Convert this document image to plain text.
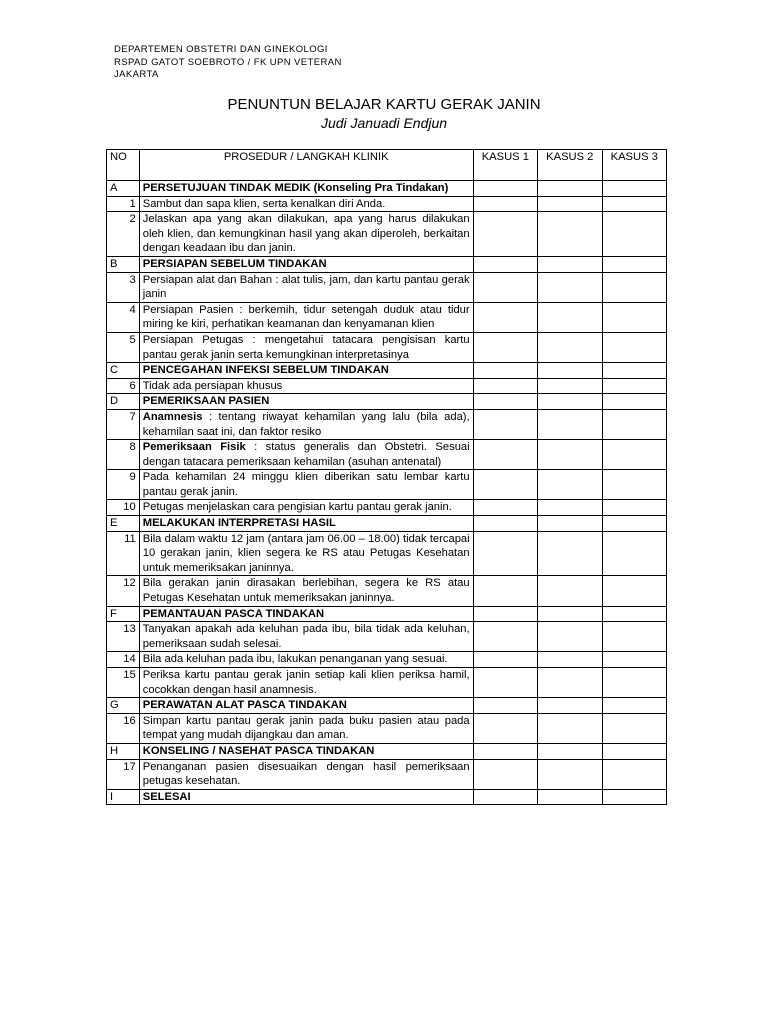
DEPARTEMEN OBSTETRI DAN GINEKOLOGI
RSPAD GATOT SOEBROTO / FK UPN VETERAN
JAKARTA
PENUNTUN BELAJAR KARTU GERAK JANIN
Judi Januadi Endjun
NO	PROSEDUR / LANGKAH KLINIK	KASUS 1	KASUS 2	KASUS 3
A	PERSETUJUAN TINDAK MEDIK (Konseling Pra Tindakan)			
1	Sambut dan sapa klien, serta kenalkan diri Anda.			
2	Jelaskan apa yang akan dilakukan, apa yang harus dilakukan oleh klien, dan kemungkinan hasil yang akan diperoleh, berkaitan dengan keadaan ibu dan janin.			
B	PERSIAPAN SEBELUM TINDAKAN			
3	Persiapan alat dan Bahan : alat tulis, jam, dan kartu pantau gerak janin			
4	Persiapan Pasien : berkemih, tidur setengah duduk atau tidur miring ke kiri, perhatikan keamanan dan kenyamanan klien			
5	Persiapan Petugas : mengetahui tatacara pengisisan kartu pantau gerak janin serta kemungkinan interpretasinya			
C	PENCEGAHAN INFEKSI SEBELUM TINDAKAN			
6	Tidak ada persiapan khusus			
D	PEMERIKSAAN PASIEN			
7	Anamnesis : tentang riwayat kehamilan yang lalu (bila ada), kehamilan saat ini, dan faktor resiko			
8	Pemeriksaan Fisik : status generalis dan Obstetri. Sesuai dengan tatacara pemeriksaan kehamilan (asuhan antenatal)			
9	Pada kehamilan 24 minggu klien diberikan satu lembar kartu pantau gerak janin.			
10	Petugas menjelaskan cara pengisian kartu pantau gerak janin.			
E	MELAKUKAN INTERPRETASI HASIL			
11	Bila dalam waktu 12 jam (antara jam 06.00 – 18.00) tidak tercapai 10 gerakan janin, klien segera ke RS atau Petugas Kesehatan untuk memeriksakan janinnya.			
12	Bila gerakan janin dirasakan berlebihan, segera ke RS atau Petugas Kesehatan untuk memeriksakan janinnya.			
F	PEMANTAUAN PASCA TINDAKAN			
13	Tanyakan apakah ada keluhan pada ibu, bila tidak ada keluhan, pemeriksaan sudah selesai.			
14	Bila ada keluhan pada ibu, lakukan penanganan yang sesuai.			
15	Periksa kartu pantau gerak janin setiap kali klien periksa hamil, cocokkan dengan hasil anamnesis.			
G	PERAWATAN ALAT PASCA TINDAKAN			
16	Simpan kartu pantau gerak janin pada buku pasien atau pada tempat yang mudah dijangkau dan aman.			
H	KONSELING / NASEHAT PASCA TINDAKAN			
17	Penanganan pasien disesuaikan dengan hasil pemeriksaan petugas kesehatan.			
I	SELESAI			
